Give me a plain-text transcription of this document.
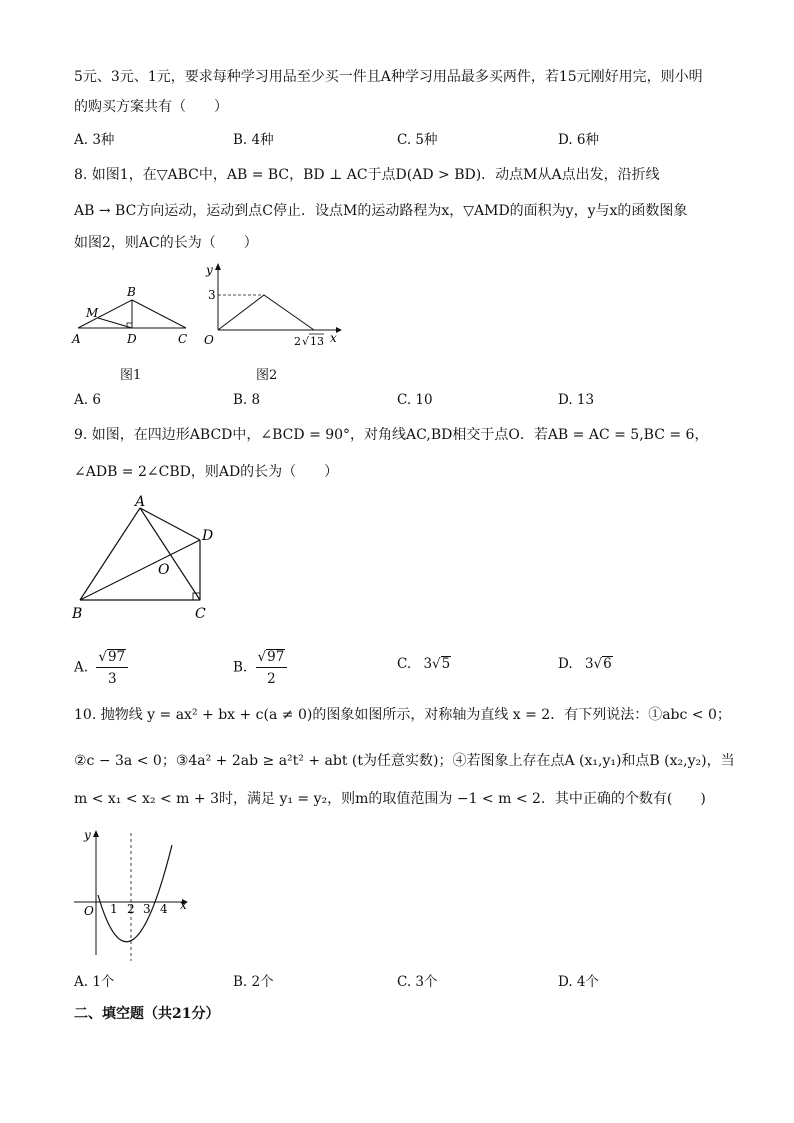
5元、3元、1元，要求每种学习用品至少买一件且A种学习用品最多买两件，若15元刚好用完，则小明
的购买方案共有（　　）
A. 3种	B. 4种	C. 5种	D. 6种
8. 如图1，在▽ABC中，AB = BC，BD ⊥ AC于点D(AD > BD)．动点M从A点出发，沿折线
AB → BC方向运动，运动到点C停止．设点M的运动路程为x，▽AMD的面积为y，y与x的函数图象
如图2，则AC的长为（　　）
A
B
C
D
M
图1
y
3
O	2 √ 13 x
图2
A. 6	B. 8	C. 10	D. 13
9. 如图，在四边形ABCD中，∠BCD = 90°，对角线AC,BD相交于点O．若AB = AC = 5,BC = 6，
∠ADB = 2∠CBD，则AD的长为（　　）
A
B	C
D
O
A. $\frac{√97}{3}$	B. $\frac{√97}{2}$	C. 3√5	D. 3√6
10. 抛物线 y = ax² + bx + c(a ≠ 0)的图象如图所示，对称轴为直线 x = 2．有下列说法：①abc < 0；
②c − 3a < 0；③4a² + 2ab ≥ a²t² + abt (t为任意实数)；④若图象上存在点A (x₁,y₁)和点B (x₂,y₂)，当
m < x₁ < x₂ < m + 3时，满足 y₁ = y₂，则m的取值范围为 −1 < m < 2．其中正确的个数有(　　)
y
O 1 2 3 4 x
A. 1个	B. 2个	C. 3个	D. 4个
二、填空题（共21分）
